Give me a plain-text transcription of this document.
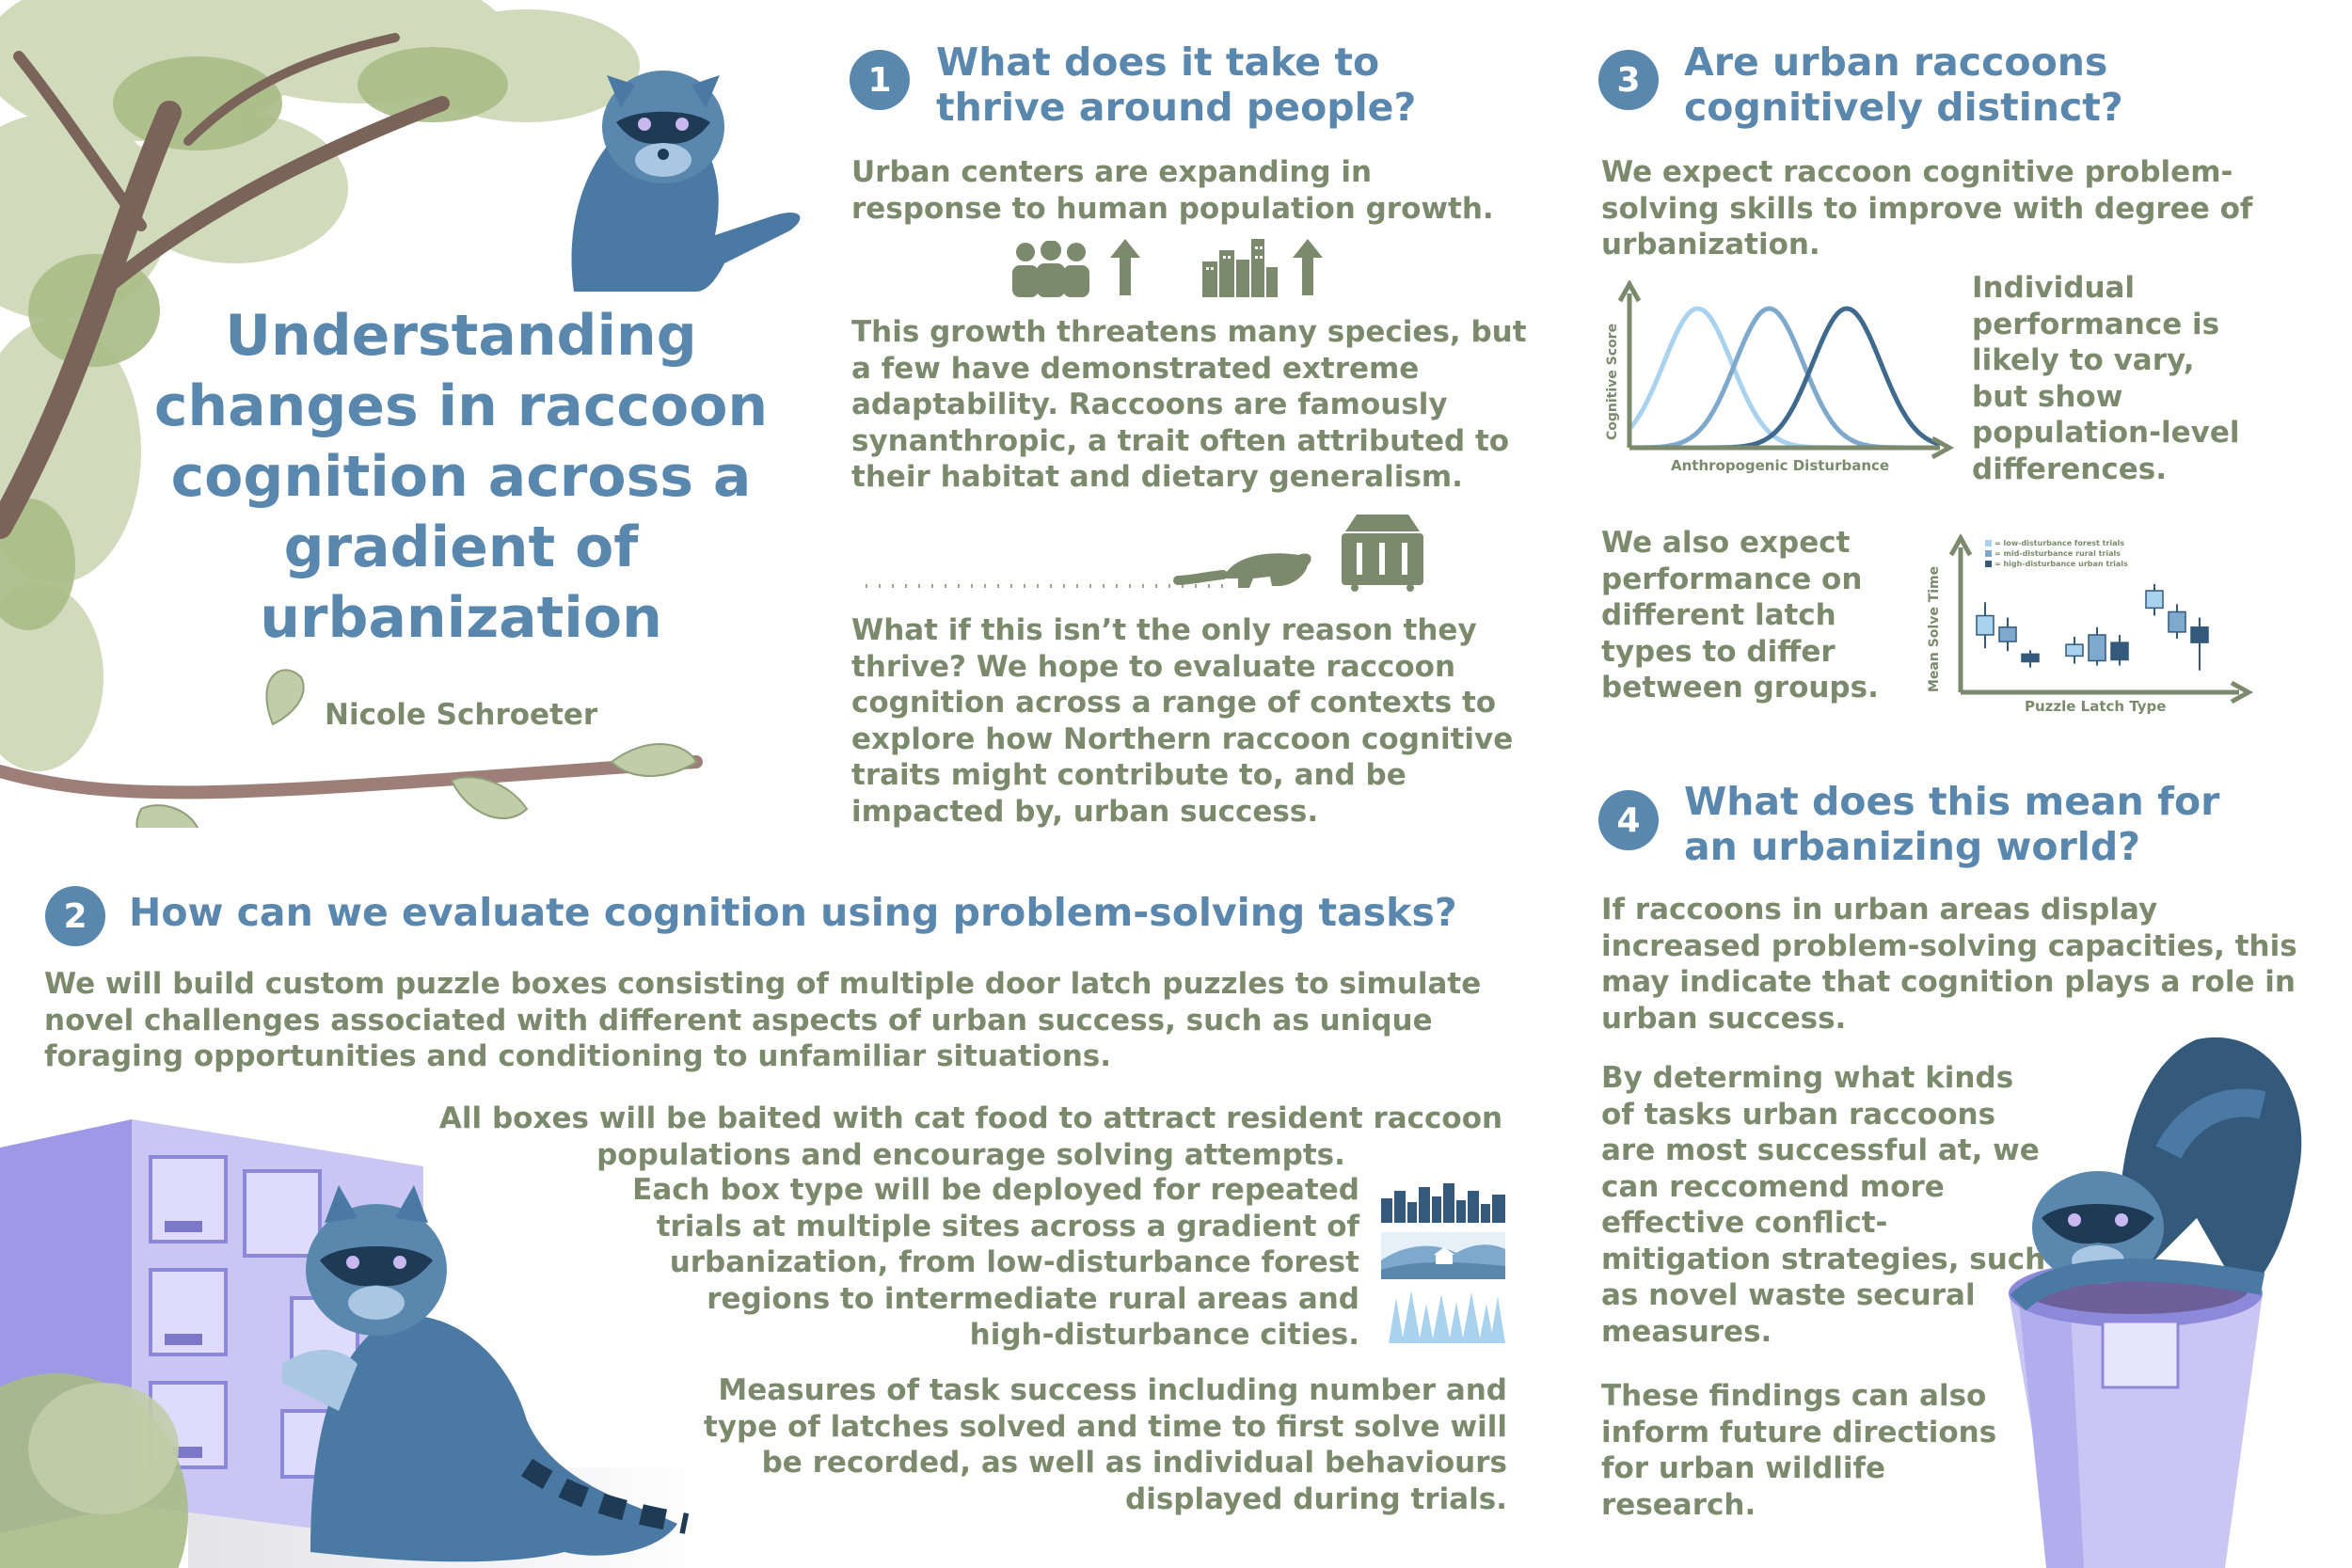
Understanding changes in raccoon cognition across a gradient of urbanization
Nicole Schroeter
1	What does it take to thrive around people?
Urban centers are expanding in response to human population growth.
This growth threatens many species, but a few have demonstrated extreme adaptability. Raccoons are famously synanthropic, a trait often attributed to their habitat and dietary generalism.
What if this isn’t the only reason they thrive? We hope to evaluate raccoon cognition across a range of contexts to explore how Northern raccoon cognitive traits might contribute to, and be impacted by, urban success.
2	How can we evaluate cognition using problem-solving tasks?
We will build custom puzzle boxes consisting of multiple door latch puzzles to simulate novel challenges associated with different aspects of urban success, such as unique foraging opportunities and conditioning to unfamiliar situations.
All boxes will be baited with cat food to attract resident raccoon populations and encourage solving attempts.
Each box type will be deployed for repeated trials at multiple sites across a gradient of urbanization, from low-disturbance forest regions to intermediate rural areas and high-disturbance cities.
Measures of task success including number and type of latches solved and time to first solve will be recorded, as well as individual behaviours displayed during trials.
3	Are urban raccoons cognitively distinct?
We expect raccoon cognitive problem-solving skills to improve with degree of urbanization.
Cognitive Score
Anthropogenic Disturbance
Individual performance is likely to vary, but show population-level differences.
We also expect performance on different latch types to differ between groups.
= low-disturbance forest trials
= mid-disturbance rural trials
= high-disturbance urban trials
Mean Solve Time
Puzzle Latch Type
4	What does this mean for an urbanizing world?
If raccoons in urban areas display increased problem-solving capacities, this may indicate that cognition plays a role in urban success.
By determing what kinds of tasks urban raccoons are most successful at, we can reccomend more effective conflict-mitigation strategies, such as novel waste secural measures.
These findings can also inform future directions for urban wildlife research.
